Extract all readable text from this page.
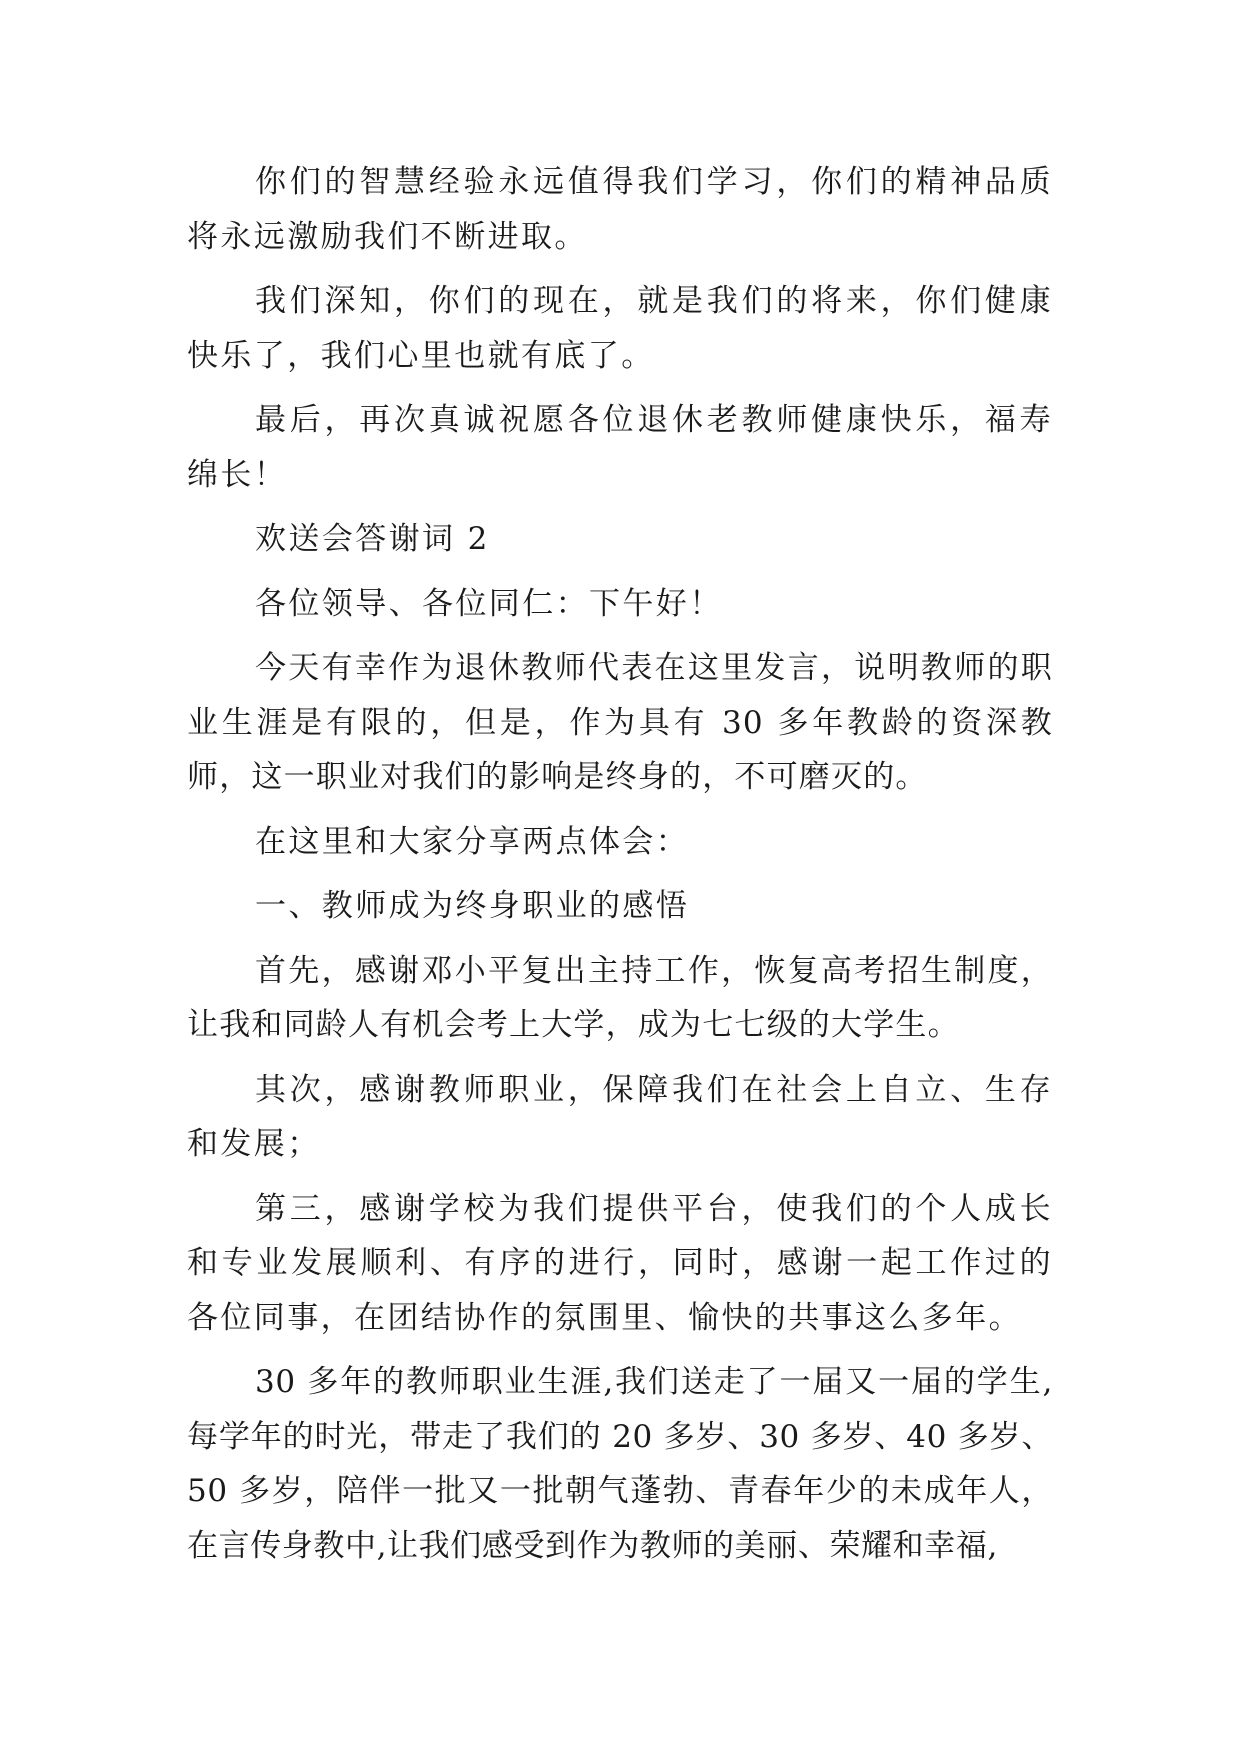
你们的智慧经验永远值得我们学习，你们的精神品质将永远激励我们不断进取。

我们深知，你们的现在，就是我们的将来，你们健康快乐了，我们心里也就有底了。

最后，再次真诚祝愿各位退休老教师健康快乐，福寿绵长！

欢送会答谢词 2

各位领导、各位同仁：下午好！

今天有幸作为退休教师代表在这里发言，说明教师的职业生涯是有限的，但是，作为具有 30 多年教龄的资深教师，这一职业对我们的影响是终身的，不可磨灭的。

在这里和大家分享两点体会：

一、教师成为终身职业的感悟

首先，感谢邓小平复出主持工作，恢复高考招生制度，让我和同龄人有机会考上大学，成为七七级的大学生。

其次，感谢教师职业，保障我们在社会上自立、生存和发展；

第三，感谢学校为我们提供平台，使我们的个人成长和专业发展顺利、有序的进行，同时，感谢一起工作过的各位同事，在团结协作的氛围里、愉快的共事这么多年。

30 多年的教师职业生涯,我们送走了一届又一届的学生,每学年的时光，带走了我们的 20 多岁、30 多岁、40 多岁、50 多岁，陪伴一批又一批朝气蓬勃、青春年少的未成年人，在言传身教中,让我们感受到作为教师的美丽、荣耀和幸福,
